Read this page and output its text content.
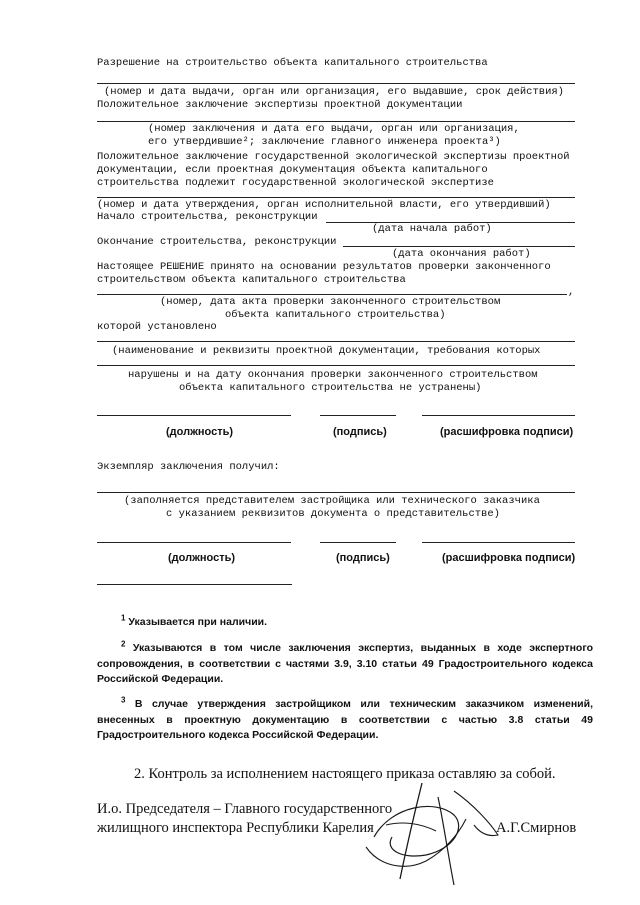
Разрешение на строительство объекта капитального строительства
(номер и дата выдачи, орган или организация, его выдавшие, срок действия)
Положительное заключение экспертизы проектной документации
(номер заключения и дата его выдачи, орган или организация,
его утвердившие²; заключение главного инженера проекта³)
Положительное заключение государственной экологической экспертизы проектной
документации, если проектная документация объекта капитального
строительства подлежит государственной экологической экспертизе
(номер и дата утверждения, орган исполнительной власти, его утвердивший)
Начало строительства, реконструкции
(дата начала работ)
Окончание строительства, реконструкции
(дата окончания работ)
Настоящее РЕШЕНИЕ принято на основании результатов проверки законченного
строительством объекта капитального строительства
,
(номер, дата акта проверки законченного строительством
объекта капитального строительства)
которой установлено
(наименование и реквизиты проектной документации, требования которых
нарушены и на дату окончания проверки законченного строительством
объекта капитального строительства не устранены)
(должность)	(подпись)	(расшифровка подписи)
Экземпляр заключения получил:
(заполняется представителем застройщика или технического заказчика
с указанием реквизитов документа о представительстве)
(должность)	(подпись)	(расшифровка подписи)
$^1$ Указывается при наличии.
$^2$ Указываются в том числе заключения экспертиз, выданных в ходе экспертного сопровождения, в соответствии с частями 3.9, 3.10 статьи 49 Градостроительного кодекса Российской Федерации.
$^3$ В случае утверждения застройщиком или техническим заказчиком изменений, внесенных в проектную документацию в соответствии с частью 3.8 статьи 49 Градостроительного кодекса Российской Федерации.
2. Контроль за исполнением настоящего приказа оставляю за собой.
И.о. Председателя – Главного государственного
жилищного инспектора Республики Карелия	А.Г.Смирнов
